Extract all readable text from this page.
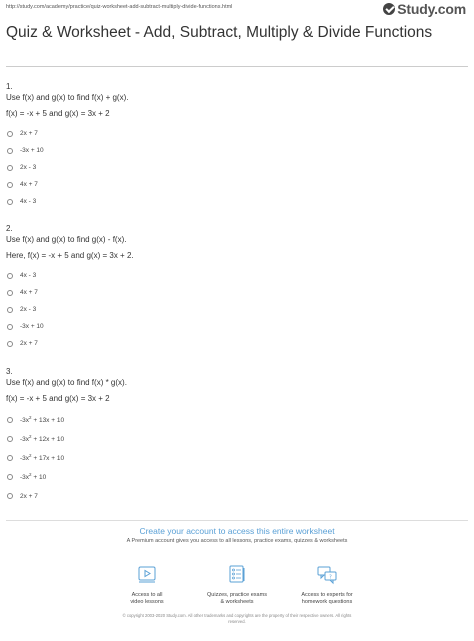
http://study.com/academy/practice/quiz-worksheet-add-subtract-multiply-divide-functions.html	Study.com
Quiz & Worksheet - Add, Subtract, Multiply & Divide Functions
1.
Use f(x) and g(x) to find f(x) + g(x).
f(x) = -x + 5 and g(x) = 3x + 2
2x + 7
-3x + 10
2x - 3
4x + 7
4x - 3
2.
Use f(x) and g(x) to find g(x) - f(x).
Here, f(x) = -x + 5 and g(x) = 3x + 2.
4x - 3
4x + 7
2x - 3
-3x + 10
2x + 7
3.
Use f(x) and g(x) to find f(x) * g(x).
f(x) = -x + 5 and g(x) = 3x + 2
$-3x^2 + 13x + 10$
$-3x^2 + 12x + 10$
$-3x^2 + 17x + 10$
$-3x^2 + 10$
2x + 7
Create your account to access this entire worksheet
A Premium account gives you access to all lessons, practice exams, quizzes & worksheets
Access to all
video lessons
Quizzes, practice exams
& worksheets
?
Access to experts for
homework questions
© copyright 2003-2020 Study.com. All other trademarks and copyrights are the property of their respective owners. All rights
reserved.
